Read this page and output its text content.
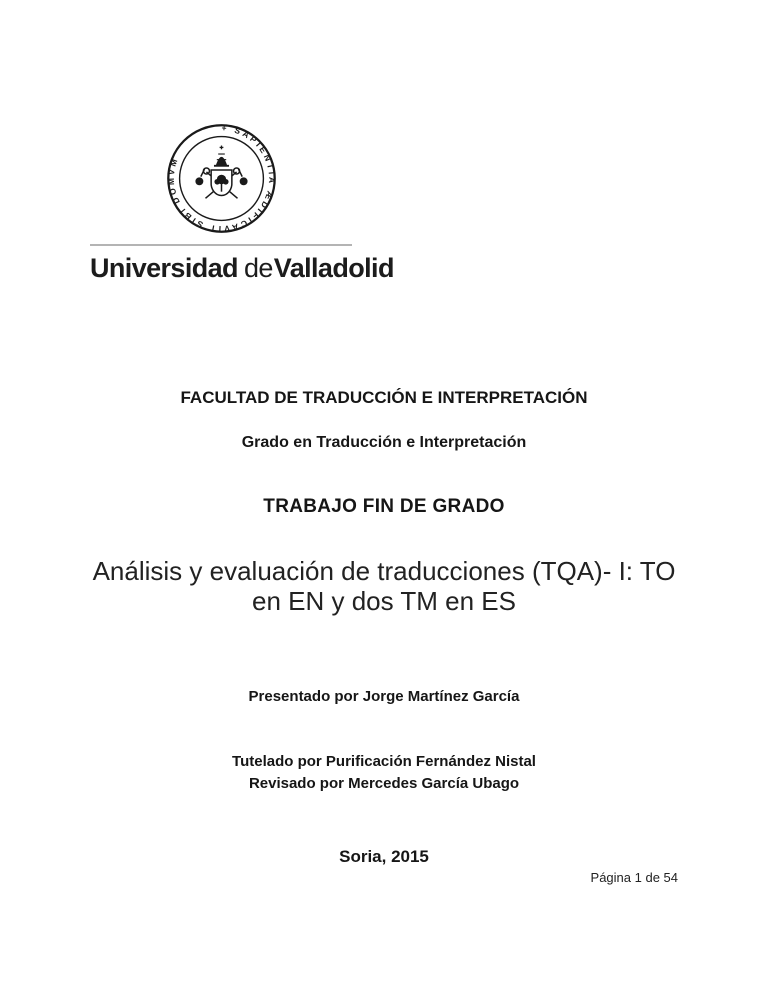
+ SAPIENTIA ÆDIFICAVIT SIBI DOMVM
Universidad deValladolid
FACULTAD DE TRADUCCIÓN E INTERPRETACIÓN
Grado en Traducción e Interpretación
TRABAJO FIN DE GRADO
Análisis y evaluación de traducciones (TQA)- I: TO
en EN y dos TM en ES
Presentado por Jorge Martínez García
Tutelado por Purificación Fernández Nistal
Revisado por Mercedes García Ubago
Soria, 2015
Página 1 de 54
